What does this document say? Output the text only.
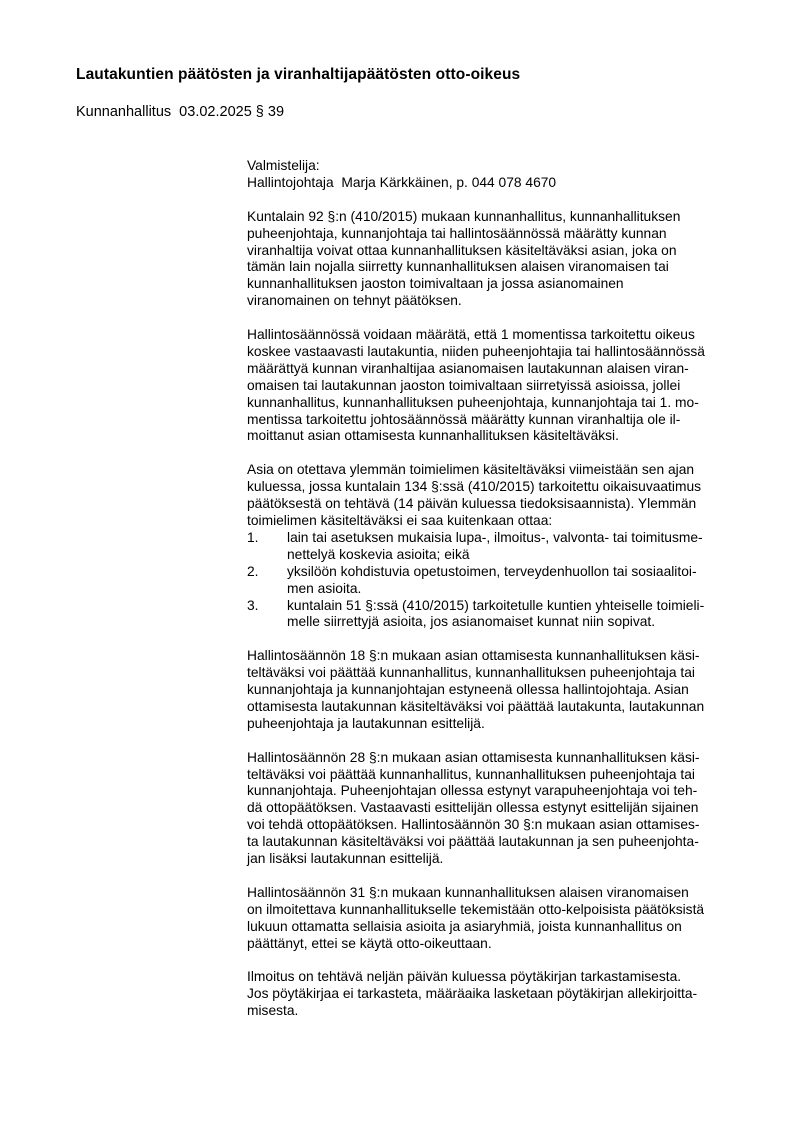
Lautakuntien päätösten ja viranhaltijapäätösten otto-oikeus
Kunnanhallitus  03.02.2025 § 39
Valmistelija:
Hallintojohtaja  Marja Kärkkäinen, p. 044 078 4670
Kuntalain 92 §:n (410/2015) mukaan kunnanhallitus, kunnanhallituksen
puheenjohtaja, kunnanjohtaja tai hallintosäännössä määrätty kunnan
viranhaltija voivat ottaa kunnanhallituksen käsiteltäväksi asian, joka on
tämän lain nojalla siirretty kunnanhallituksen alaisen viranomaisen tai
kunnanhallituksen jaoston toimivaltaan ja jossa asianomainen
viranomainen on tehnyt päätöksen.
Hallintosäännössä voidaan määrätä, että 1 momentissa tarkoitettu oikeus
koskee vastaavasti lautakuntia, niiden puheenjohtajia tai hallintosäännössä
määrättyä kunnan viranhaltijaa asianomaisen lautakunnan alaisen viran-
omaisen tai lautakunnan jaoston toimivaltaan siirretyissä asioissa, jollei
kunnanhallitus, kunnanhallituksen puheenjohtaja, kunnanjohtaja tai 1. mo-
mentissa tarkoitettu johtosäännössä määrätty kunnan viranhaltija ole il-
moittanut asian ottamisesta kunnanhallituksen käsiteltäväksi.
Asia on otettava ylemmän toimielimen käsiteltäväksi viimeistään sen ajan
kuluessa, jossa kuntalain 134 §:ssä (410/2015) tarkoitettu oikaisuvaatimus
päätöksestä on tehtävä (14 päivän kuluessa tiedoksisaannista). Ylemmän
toimielimen käsiteltäväksi ei saa kuitenkaan ottaa:
1.	lain tai asetuksen mukaisia lupa-, ilmoitus-, valvonta- tai toimitusme-
nettelyä koskevia asioita; eikä
2.	yksilöön kohdistuvia opetustoimen, terveydenhuollon tai sosiaalitoi-
men asioita.
3.	kuntalain 51 §:ssä (410/2015) tarkoitetulle kuntien yhteiselle toimieli-
melle siirrettyjä asioita, jos asianomaiset kunnat niin sopivat.
Hallintosäännön 18 §:n mukaan asian ottamisesta kunnanhallituksen käsi-
teltäväksi voi päättää kunnanhallitus, kunnanhallituksen puheenjohtaja tai
kunnanjohtaja ja kunnanjohtajan estyneenä ollessa hallintojohtaja. Asian
ottamisesta lautakunnan käsiteltäväksi voi päättää lautakunta, lautakunnan
puheenjohtaja ja lautakunnan esittelijä.
Hallintosäännön 28 §:n mukaan asian ottamisesta kunnanhallituksen käsi-
teltäväksi voi päättää kunnanhallitus, kunnanhallituksen puheenjohtaja tai
kunnanjohtaja. Puheenjohtajan ollessa estynyt varapuheenjohtaja voi teh-
dä ottopäätöksen. Vastaavasti esittelijän ollessa estynyt esittelijän sijainen
voi tehdä ottopäätöksen. Hallintosäännön 30 §:n mukaan asian ottamises-
ta lautakunnan käsiteltäväksi voi päättää lautakunnan ja sen puheenjohta-
jan lisäksi lautakunnan esittelijä.
Hallintosäännön 31 §:n mukaan kunnanhallituksen alaisen viranomaisen
on ilmoitettava kunnanhallitukselle tekemistään otto-kelpoisista päätöksistä
lukuun ottamatta sellaisia asioita ja asiaryhmiä, joista kunnanhallitus on
päättänyt, ettei se käytä otto-oikeuttaan.
Ilmoitus on tehtävä neljän päivän kuluessa pöytäkirjan tarkastamisesta.
Jos pöytäkirjaa ei tarkasteta, määräaika lasketaan pöytäkirjan allekirjoitta-
misesta.
